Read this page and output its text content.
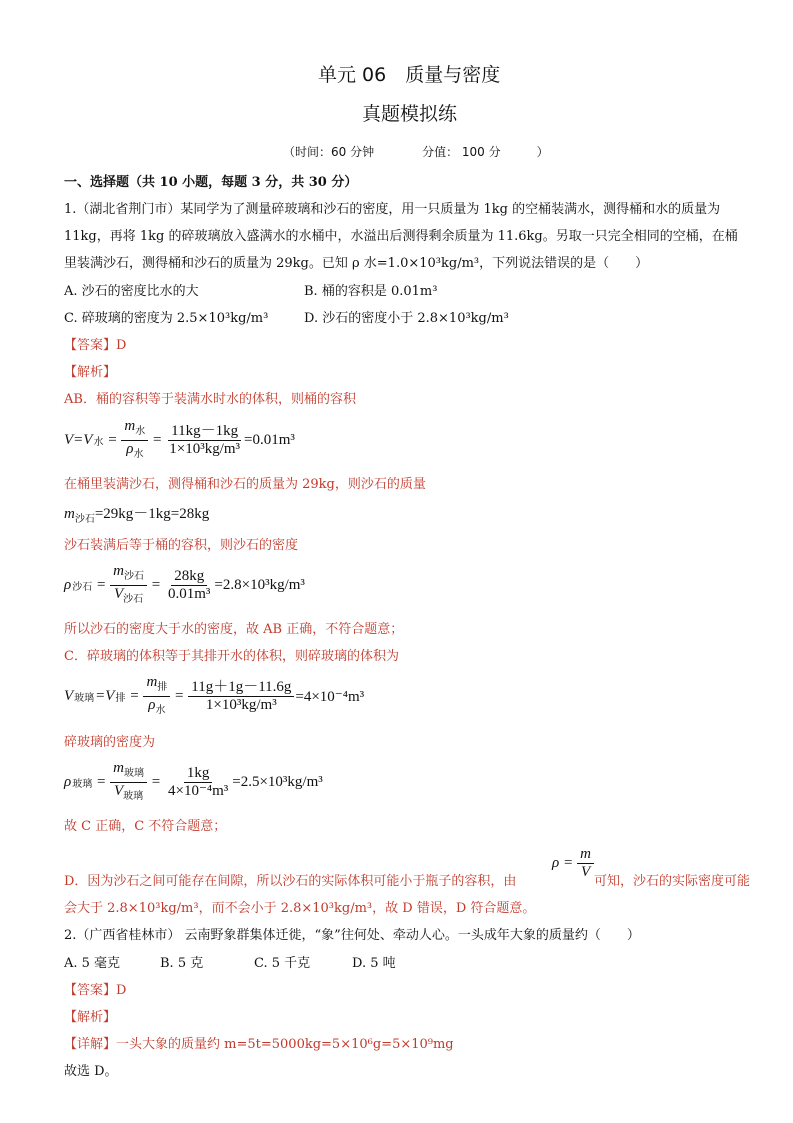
单元 06　质量与密度
真题模拟练
（时间：60 分钟　　　　分值： 100 分　　　）
一、选择题（共 10 小题，每题 3 分，共 30 分）
1.（湖北省荆门市）某同学为了测量碎玻璃和沙石的密度，用一只质量为 1kg 的空桶装满水，测得桶和水的质量为
11kg，再将 1kg 的碎玻璃放入盛满水的水桶中，水溢出后测得剩余质量为 11.6kg。另取一只完全相同的空桶，在桶
里装满沙石，测得桶和沙石的质量为 29kg。已知 ρ 水=1.0×10³kg/m³，下列说法错误的是（　　）
A. 沙石的密度比水的大	B. 桶的容积是 0.01m³
C. 碎玻璃的密度为 2.5×10³kg/m³	D. 沙石的密度小于 2.8×10³kg/m³
【答案】D
【解析】
AB．桶的容积等于装满水时水的体积，则桶的容积
V=V 水 = $\frac{m_水}{\rho_水} = \frac{11kg-1kg}{\text{1×10³kg/m³}} =0.01m^3$
在桶里装满沙石，测得桶和沙石的质量为 29kg，则沙石的质量
$m_{沙石}=29kg-1kg=28kg$
沙石装满后等于桶的容积，则沙石的密度
ρ 沙石 = $\frac{m_{沙石}}{V_{沙石}} = \frac{28kg}{\text{0.01m³}} =2.8\times 10^3kg/m^3$
所以沙石的密度大于水的密度，故 AB 正确，不符合题意；
C．碎玻璃的体积等于其排开水的体积，则碎玻璃的体积为
V 玻璃 =V 排 = $\frac{m_排}{\rho_水} = \frac{11g+1g-11.6g}{\text{1×10³kg/m³}} =4\times 10^{-4}m^3$
碎玻璃的密度为
ρ 玻璃 = $\frac{m_{玻璃}}{V_{玻璃}} = \frac{1kg}{\text{4×10⁻⁴m³}} =2.5\times 10^3kg/m^3$
故 C 正确，C 不符合题意；
D．因为沙石之间可能存在间隙，所以沙石的实际体积可能小于瓶子的容积，由
$\rho = \frac{m}{V}$
可知，沙石的实际密度可能
会大于 2.8×10³kg/m³，而不会小于 2.8×10³kg/m³，故 D 错误，D 符合题意。
2.（广西省桂林市） 云南野象群集体迁徙，“象”往何处、牵动人心。一头成年大象的质量约（　　）
A. 5 毫克	B. 5 克	C. 5 千克	D. 5 吨
【答案】D
【解析】
【详解】一头大象的质量约 m=5t=5000kg=5×10⁶g=5×10⁹mg
故选 D。
